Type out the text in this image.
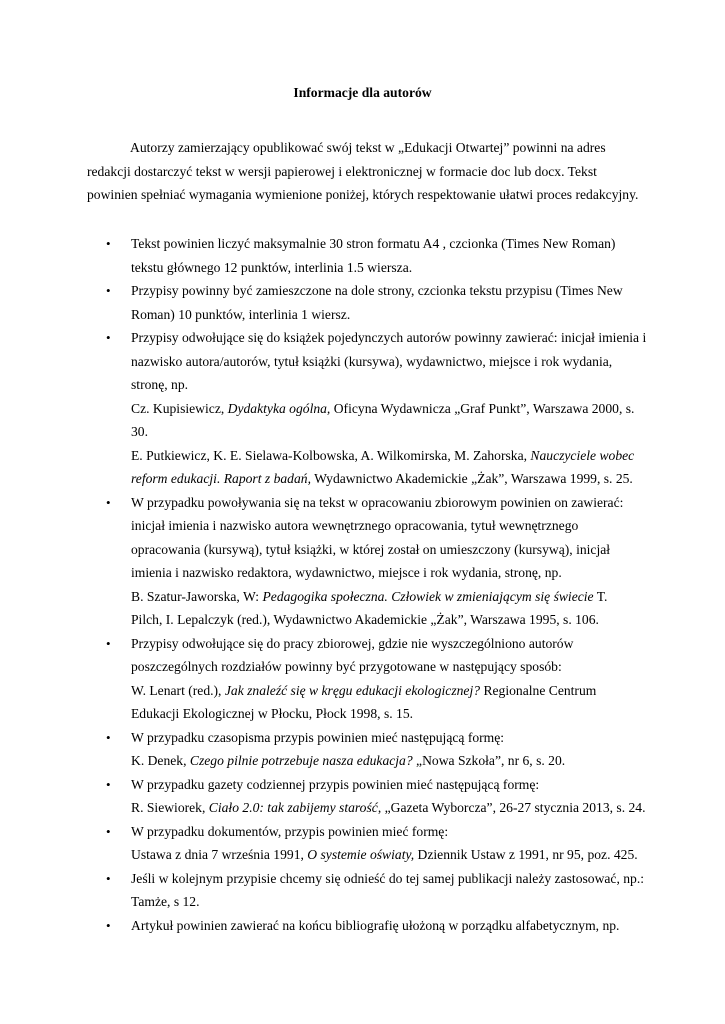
Informacje dla autorów

Autorzy zamierzający opublikować swój tekst w „Edukacji Otwartej” powinni na adres
redakcji dostarczyć tekst w wersji papierowej i elektronicznej w formacie doc lub docx. Tekst
powinien spełniać wymagania wymienione poniżej, których respektowanie ułatwi proces redakcyjny.

• Tekst powinien liczyć maksymalnie 30 stron formatu A4 , czcionka (Times New Roman)
tekstu głównego 12 punktów, interlinia 1.5 wiersza.
• Przypisy powinny być zamieszczone na dole strony, czcionka tekstu przypisu (Times New
Roman) 10 punktów, interlinia 1 wiersz.
• Przypisy odwołujące się do książek pojedynczych autorów powinny zawierać: inicjał imienia i
nazwisko autora/autorów, tytuł książki (kursywa), wydawnictwo, miejsce i rok wydania,
stronę, np.
Cz. Kupisiewicz, Dydaktyka ogólna, Oficyna Wydawnicza „Graf Punkt”, Warszawa 2000, s.
30.
E. Putkiewicz, K. E. Sielawa-Kolbowska, A. Wilkomirska, M. Zahorska, Nauczyciele wobec
reform edukacji. Raport z badań, Wydawnictwo Akademickie „Żak”, Warszawa 1999, s. 25.
• W przypadku powoływania się na tekst w opracowaniu zbiorowym powinien on zawierać:
inicjał imienia i nazwisko autora wewnętrznego opracowania, tytuł wewnętrznego
opracowania (kursywą), tytuł książki, w której został on umieszczony (kursywą), inicjał
imienia i nazwisko redaktora, wydawnictwo, miejsce i rok wydania, stronę, np.
B. Szatur-Jaworska, W: Pedagogika społeczna. Człowiek w zmieniającym się świecie T.
Pilch, I. Lepalczyk (red.), Wydawnictwo Akademickie „Żak”, Warszawa 1995, s. 106.
• Przypisy odwołujące się do pracy zbiorowej, gdzie nie wyszczególniono autorów
poszczególnych rozdziałów powinny być przygotowane w następujący sposób:
W. Lenart (red.), Jak znaleźć się w kręgu edukacji ekologicznej? Regionalne Centrum
Edukacji Ekologicznej w Płocku, Płock 1998, s. 15.
• W przypadku czasopisma przypis powinien mieć następującą formę:
K. Denek, Czego pilnie potrzebuje nasza edukacja? „Nowa Szkoła”, nr 6, s. 20.
• W przypadku gazety codziennej przypis powinien mieć następującą formę:
R. Siewiorek, Ciało 2.0: tak zabijemy starość, „Gazeta Wyborcza”, 26-27 stycznia 2013, s. 24.
• W przypadku dokumentów, przypis powinien mieć formę:
Ustawa z dnia 7 września 1991, O systemie oświaty, Dziennik Ustaw z 1991, nr 95, poz. 425.
• Jeśli w kolejnym przypisie chcemy się odnieść do tej samej publikacji należy zastosować, np.:
Tamże, s 12.
• Artykuł powinien zawierać na końcu bibliografię ułożoną w porządku alfabetycznym, np.
